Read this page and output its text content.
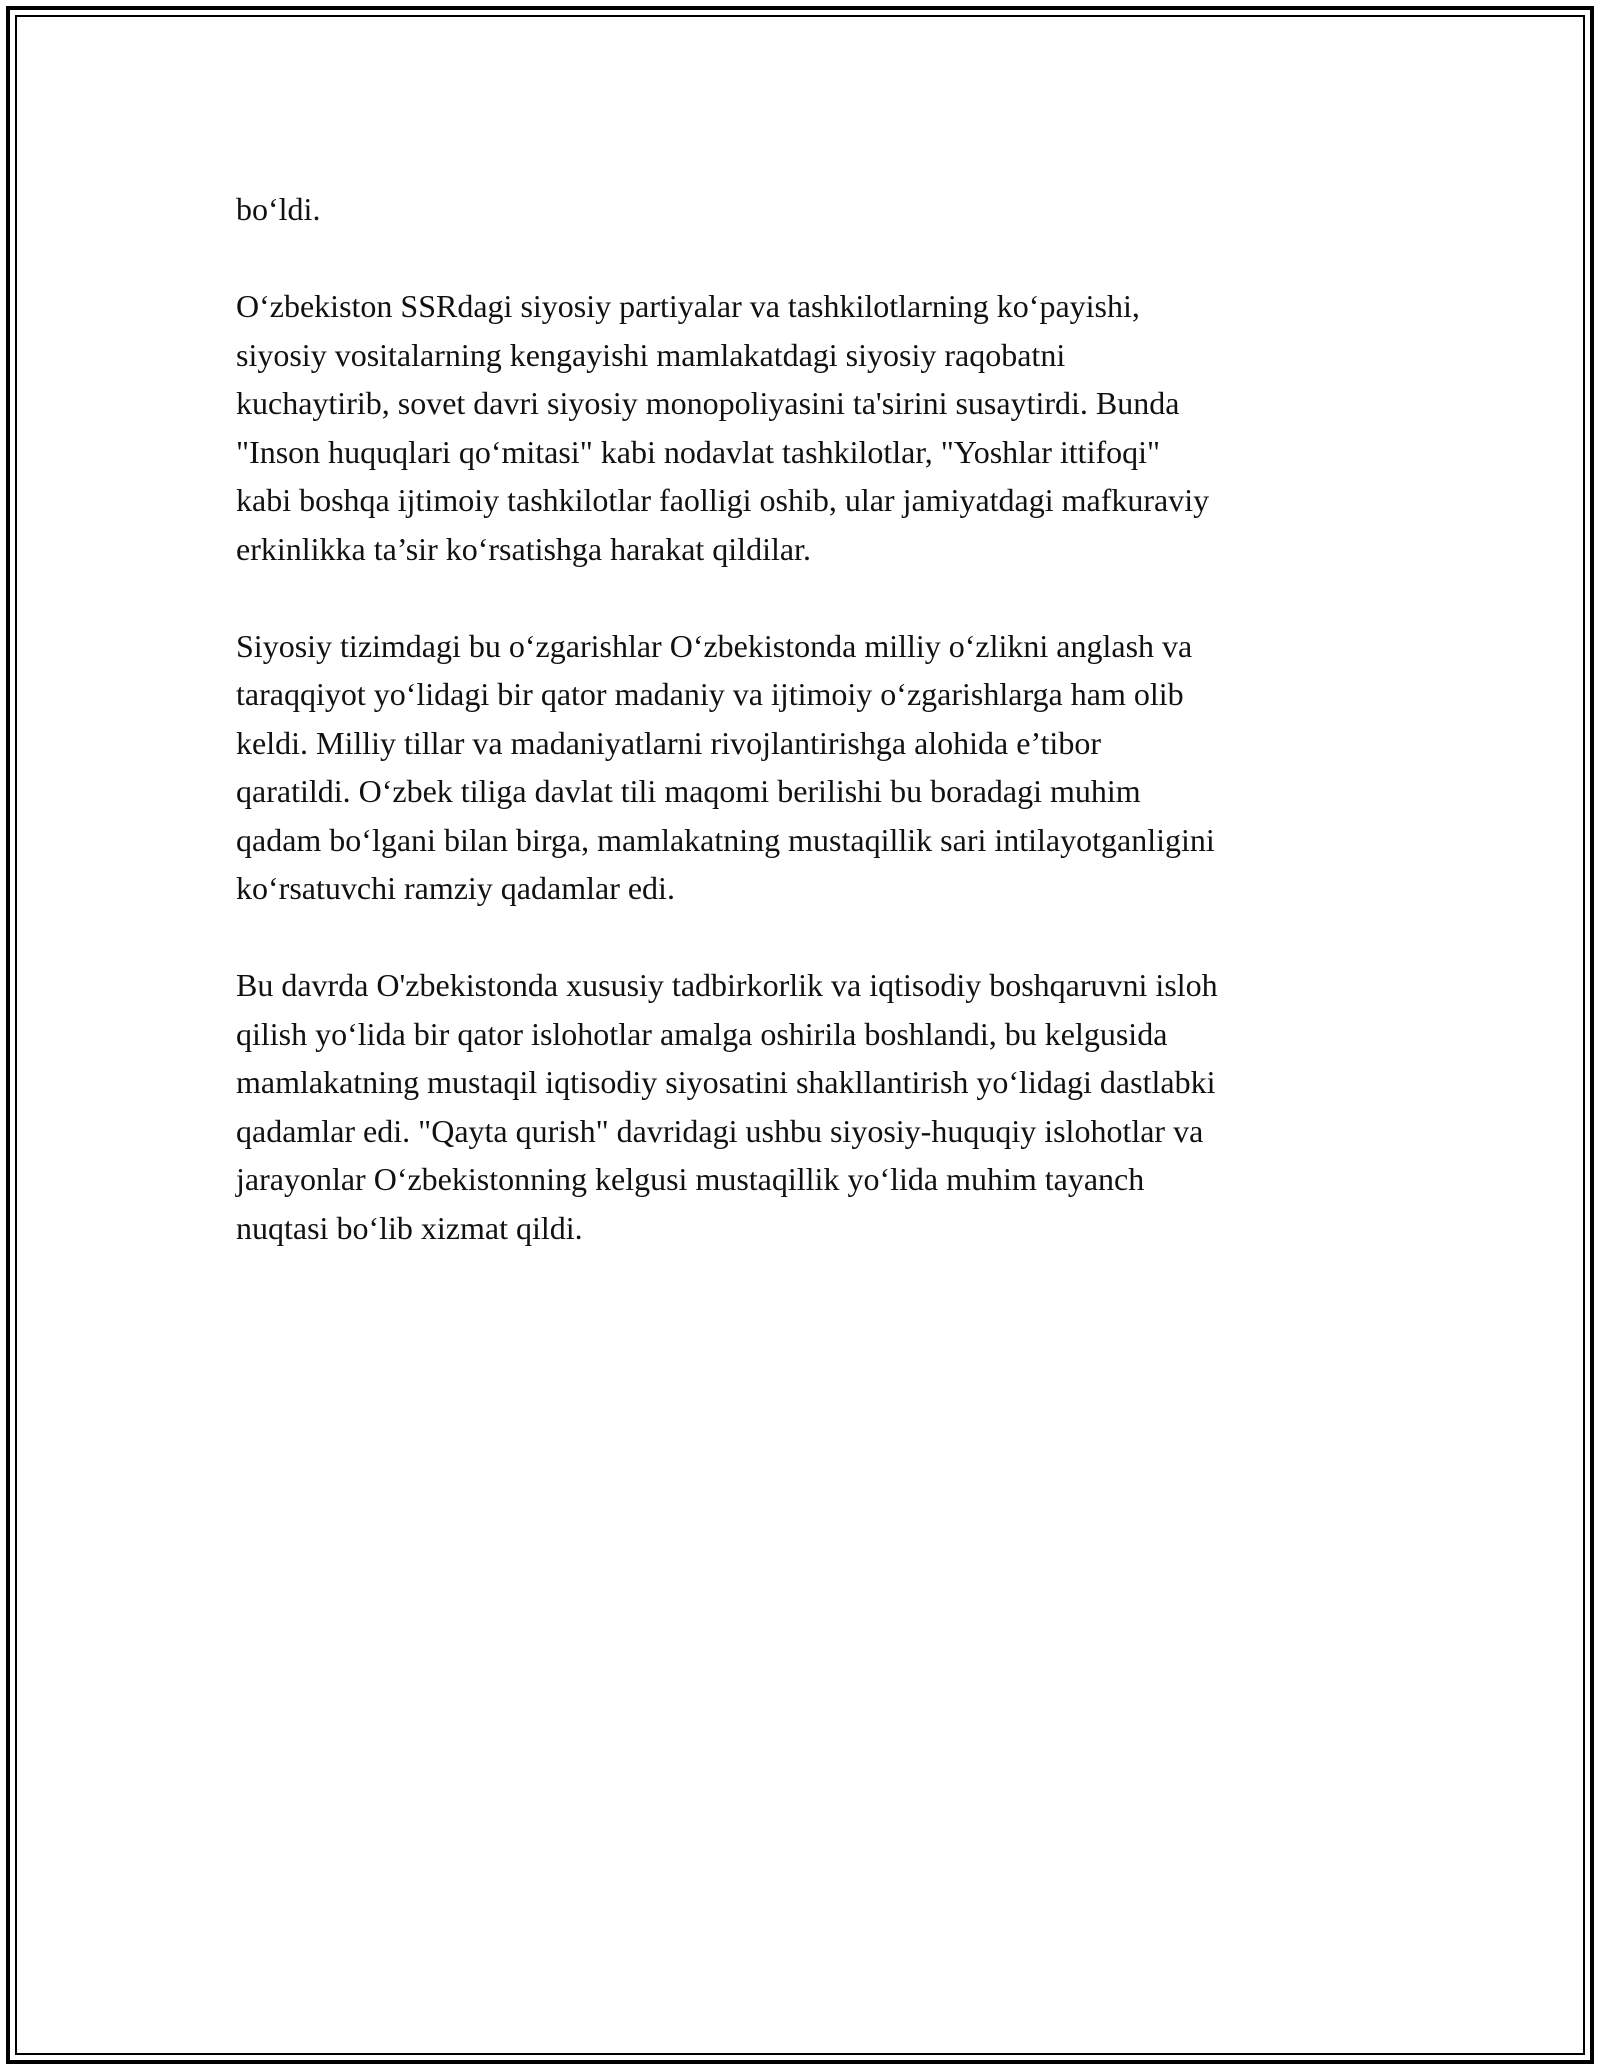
bo‘ldi.

O‘zbekiston SSRdagi siyosiy partiyalar va tashkilotlarning ko‘payishi,
siyosiy vositalarning kengayishi mamlakatdagi siyosiy raqobatni
kuchaytirib, sovet davri siyosiy monopoliyasini ta'sirini susaytirdi. Bunda
"Inson huquqlari qo‘mitasi" kabi nodavlat tashkilotlar, "Yoshlar ittifoqi"
kabi boshqa ijtimoiy tashkilotlar faolligi oshib, ular jamiyatdagi mafkuraviy
erkinlikka ta’sir ko‘rsatishga harakat qildilar.

Siyosiy tizimdagi bu o‘zgarishlar O‘zbekistonda milliy o‘zlikni anglash va
taraqqiyot yo‘lidagi bir qator madaniy va ijtimoiy o‘zgarishlarga ham olib
keldi. Milliy tillar va madaniyatlarni rivojlantirishga alohida e’tibor
qaratildi. O‘zbek tiliga davlat tili maqomi berilishi bu boradagi muhim
qadam bo‘lgani bilan birga, mamlakatning mustaqillik sari intilayotganligini
ko‘rsatuvchi ramziy qadamlar edi.

Bu davrda O'zbekistonda xususiy tadbirkorlik va iqtisodiy boshqaruvni isloh
qilish yo‘lida bir qator islohotlar amalga oshirila boshlandi, bu kelgusida
mamlakatning mustaqil iqtisodiy siyosatini shakllantirish yo‘lidagi dastlabki
qadamlar edi. "Qayta qurish" davridagi ushbu siyosiy-huquqiy islohotlar va
jarayonlar O‘zbekistonning kelgusi mustaqillik yo‘lida muhim tayanch
nuqtasi bo‘lib xizmat qildi.
